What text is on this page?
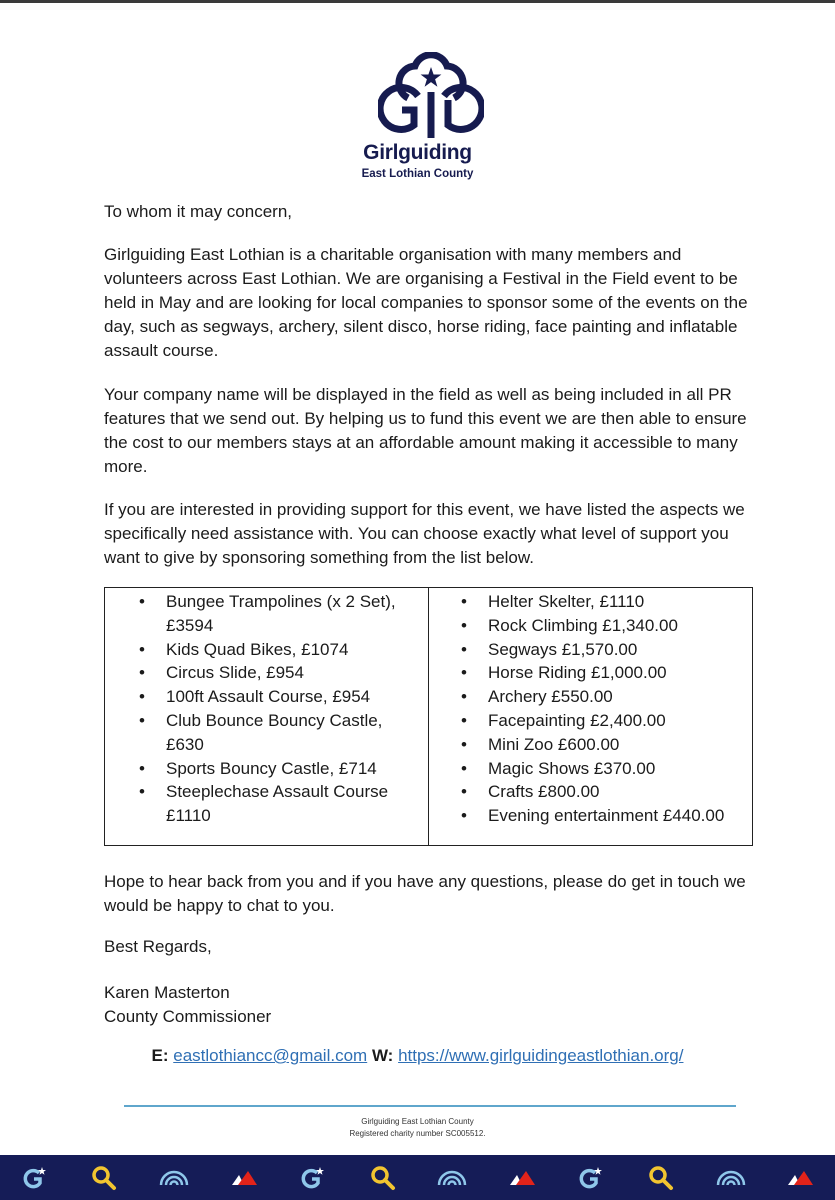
Girlguiding
East Lothian County

To whom it may concern,

Girlguiding East Lothian is a charitable organisation with many members and volunteers across East Lothian. We are organising a Festival in the Field event to be held in May and are looking for local companies to sponsor some of the events on the day, such as segways, archery, silent disco, horse riding, face painting and inflatable assault course.

Your company name will be displayed in the field as well as being included in all PR features that we send out. By helping us to fund this event we are then able to ensure the cost to our members stays at an affordable amount making it accessible to many more.

If you are interested in providing support for this event, we have listed the aspects we specifically need assistance with. You can choose exactly what level of support you want to give by sponsoring something from the list below.

• Bungee Trampolines (x 2 Set), £3594
• Kids Quad Bikes, £1074
• Circus Slide, £954
• 100ft Assault Course, £954
• Club Bounce Bouncy Castle, £630
• Sports Bouncy Castle, £714
• Steeplechase Assault Course £1110
• Helter Skelter, £1110
• Rock Climbing £1,340.00
• Segways £1,570.00
• Horse Riding £1,000.00
• Archery £550.00
• Facepainting £2,400.00
• Mini Zoo £600.00
• Magic Shows £370.00
• Crafts £800.00
• Evening entertainment £440.00

Hope to hear back from you and if you have any questions, please do get in touch we would be happy to chat to you.

Best Regards,

Karen Masterton

County Commissioner

E: eastlothiancc@gmail.com W: https://www.girlguidingeastlothian.org/
Girlguiding East Lothian County
Registered charity number SC005512.
